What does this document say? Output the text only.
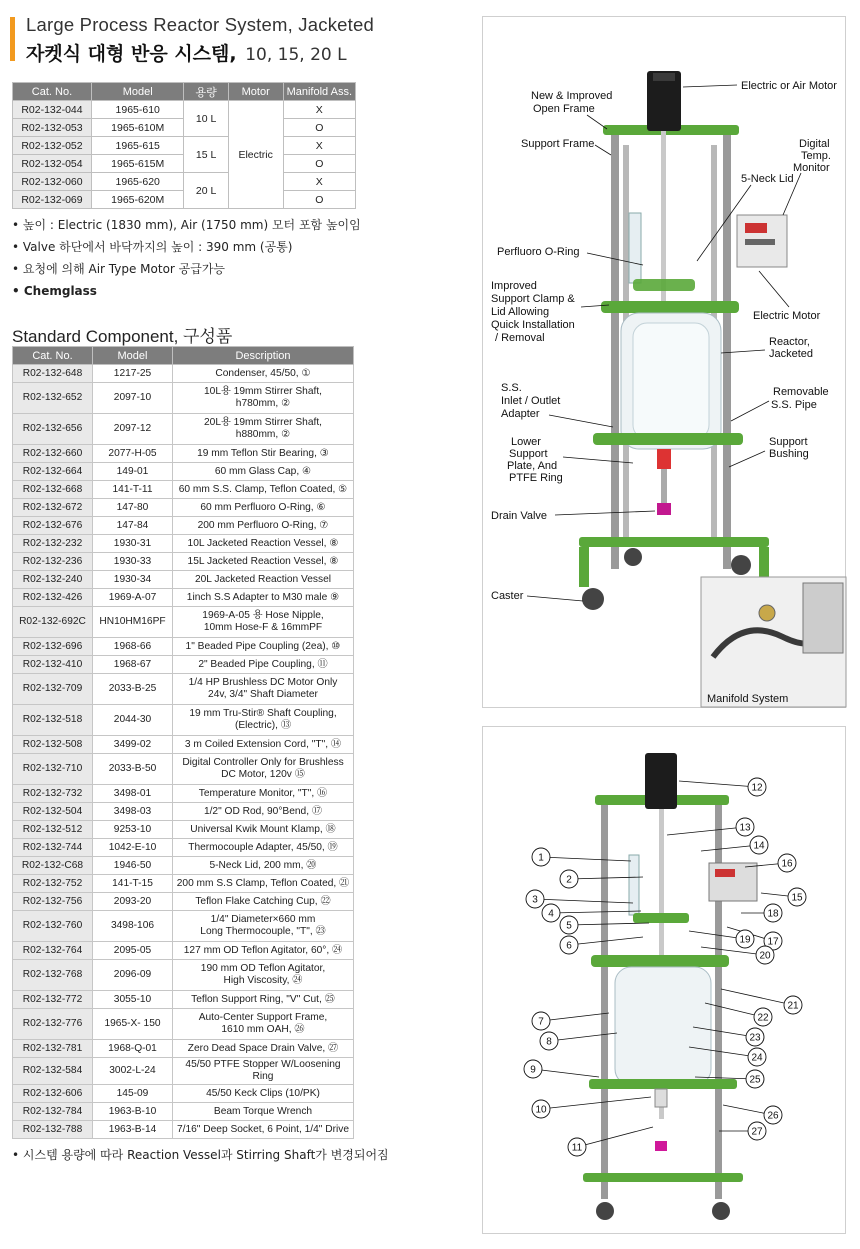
Large Process Reactor System, Jacketed
자켓식 대형 반응 시스템, 10, 15, 20 L
Cat. No.	Model	용량	Motor	Manifold Ass.
R02-132-044	1965-610	10 L	Electric	X
R02-132-053	1965-610M			O
R02-132-052	1965-615	15 L		X
R02-132-054	1965-615M			O
R02-132-060	1965-620	20 L		X
R02-132-069	1965-620M			O
• 높이 : Electric (1830 mm), Air (1750 mm) 모터 포함 높이임
• Valve 하단에서 바닥까지의 높이 : 390 mm (공통)
• 요청에 의해 Air Type Motor 공급가능
• Chemglass
Standard Component, 구성품
Cat. No.	Model	Description
R02-132-648	1217-25	Condenser, 45/50, ①
R02-132-652	2097-10	10L용 19mm Stirrer Shaft,
h780mm, ②
R02-132-656	2097-12	20L용 19mm Stirrer Shaft,
h880mm, ②
R02-132-660	2077-H-05	19 mm Teflon Stir Bearing, ③
R02-132-664	149-01	60 mm Glass Cap, ④
R02-132-668	141-T-11	60 mm S.S. Clamp, Teflon Coated, ⑤
R02-132-672	147-80	60 mm Perfluoro O-Ring, ⑥
R02-132-676	147-84	200 mm Perfluoro O-Ring, ⑦
R02-132-232	1930-31	10L Jacketed Reaction Vessel, ⑧
R02-132-236	1930-33	15L Jacketed Reaction Vessel, ⑧
R02-132-240	1930-34	20L Jacketed Reaction Vessel
R02-132-426	1969-A-07	1inch S.S Adapter to M30 male ⑨
R02-132-692C	HN10HM16PF	1969-A-05 용 Hose Nipple,
10mm Hose-F & 16mmPF
R02-132-696	1968-66	1" Beaded Pipe Coupling (2ea), ⑩
R02-132-410	1968-67	2" Beaded Pipe Coupling, ⑪
R02-132-709	2033-B-25	1/4 HP Brushless DC Motor Only
24v, 3/4" Shaft Diameter
R02-132-518	2044-30	19 mm Tru-Stir® Shaft Coupling,
(Electric), ⑬
R02-132-508	3499-02	3 m Coiled Extension Cord, "T", ⑭
R02-132-710	2033-B-50	Digital Controller Only for Brushless
DC Motor, 120v ⑮
R02-132-732	3498-01	Temperature Monitor, "T", ⑯
R02-132-504	3498-03	1/2" OD Rod, 90°Bend, ⑰
R02-132-512	9253-10	Universal Kwik Mount Klamp, ⑱
R02-132-744	1042-E-10	Thermocouple Adapter, 45/50, ⑲
R02-132-C68	1946-50	5-Neck Lid, 200 mm, ⑳
R02-132-752	141-T-15	200 mm S.S Clamp, Teflon Coated, ㉑
R02-132-756	2093-20	Teflon Flake Catching Cup, ㉒
R02-132-760	3498-106	1/4" Diameter×660 mm
Long Thermocouple, "T", ㉓
R02-132-764	2095-05	127 mm OD Teflon Agitator, 60°, ㉔
R02-132-768	2096-09	190 mm OD Teflon Agitator,
High Viscosity, ㉔
R02-132-772	3055-10	Teflon Support Ring, "V" Cut, ㉕
R02-132-776	1965-X- 150	Auto-Center Support Frame,
1610 mm OAH, ㉖
R02-132-781	1968-Q-01	Zero Dead Space Drain Valve, ㉗
R02-132-584	3002-L-24	45/50 PTFE Stopper W/Loosening Ring
R02-132-606	145-09	45/50 Keck Clips (10/PK)
R02-132-784	1963-B-10	Beam Torque Wrench
R02-132-788	1963-B-14	7/16" Deep Socket, 6 Point, 1/4" Drive
• 시스템 용량에 따라 Reaction Vessel과 Stirring Shaft가 변경되어짐
Electric or Air Motor
New & Improved
Open Frame
Support Frame	Digital
Temp.
Monitor
5-Neck Lid
Perfluoro O-Ring
Improved
Support Clamp &
Lid Allowing
Quick Installation
/ Removal
Electric Motor
Reactor,
Jacketed
S.S.
Inlet / Outlet
Adapter
Removable
S.S. Pipe
Lower
Support
Plate, And
PTFE Ring
Support
Bushing
Drain Valve
Caster
Manifold System
1
2
3
4
5
6
7
8
9
10
11
12
13
14
15
16
17
18
19
20
21
22
23
24
25
26
27
